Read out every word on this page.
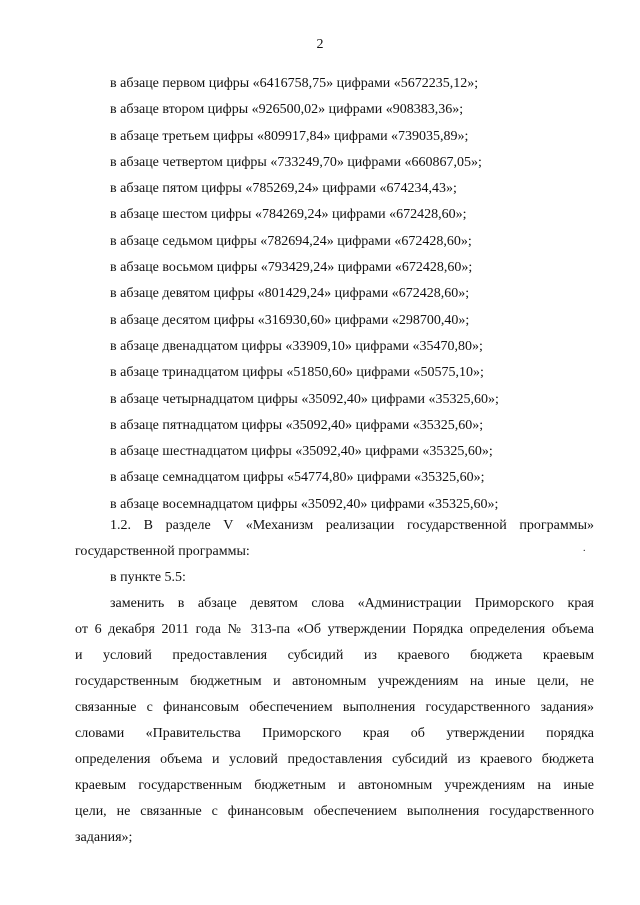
2
в абзаце первом цифры «6416758,75» цифрами «5672235,12»;
в абзаце втором цифры «926500,02» цифрами «908383,36»;
в абзаце третьем цифры «809917,84» цифрами «739035,89»;
в абзаце четвертом цифры «733249,70» цифрами «660867,05»;
в абзаце пятом цифры «785269,24» цифрами «674234,43»;
в абзаце шестом цифры «784269,24» цифрами «672428,60»;
в абзаце седьмом цифры «782694,24» цифрами «672428,60»;
в абзаце восьмом цифры «793429,24» цифрами «672428,60»;
в абзаце девятом цифры «801429,24» цифрами «672428,60»;
в абзаце десятом цифры «316930,60» цифрами «298700,40»;
в абзаце двенадцатом цифры «33909,10» цифрами «35470,80»;
в абзаце тринадцатом цифры «51850,60» цифрами «50575,10»;
в абзаце четырнадцатом цифры «35092,40» цифрами «35325,60»;
в абзаце пятнадцатом цифры «35092,40» цифрами «35325,60»;
в абзаце шестнадцатом цифры «35092,40» цифрами «35325,60»;
в абзаце семнадцатом цифры «54774,80» цифрами «35325,60»;
в абзаце восемнадцатом цифры «35092,40» цифрами «35325,60»;
.

1.2. В разделе V «Механизм реализации государственной программы»

государственной программы:

в пункте 5.5:

заменить в абзаце девятом слова «Администрации Приморского края

от 6 декабря 2011 года № 313-па «Об утверждении Порядка определения объема

и условий предоставления субсидий из краевого бюджета краевым

государственным бюджетным и автономным учреждениям на иные цели, не

связанные с финансовым обеспечением выполнения государственного задания»

словами «Правительства Приморского края об утверждении порядка

определения объема и условий предоставления субсидий из краевого бюджета

краевым государственным бюджетным и автономным учреждениям на иные

цели, не связанные с финансовым обеспечением выполнения государственного

задания»;
